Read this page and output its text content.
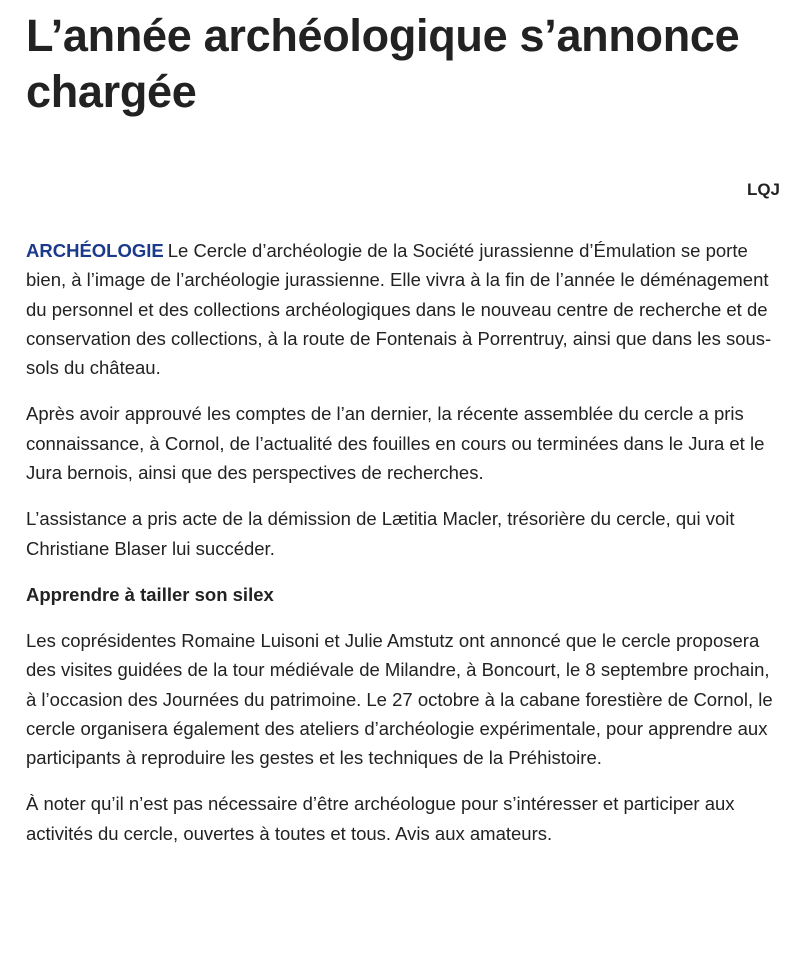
L’année archéologique s’annonce chargée
LQJ

ARCHÉOLOGIE Le Cercle d’archéologie de la Société jurassienne d’Émulation se porte bien, à l’image de l’archéologie jurassienne. Elle vivra à la fin de l’année le déménagement du personnel et des collections archéologiques dans le nouveau centre de recherche et de conservation des collections, à la route de Fontenais à Porrentruy, ainsi que dans les sous-sols du château.

Après avoir approuvé les comptes de l’an dernier, la récente assemblée du cercle a pris connaissance, à Cornol, de l’actualité des fouilles en cours ou terminées dans le Jura et le Jura bernois, ainsi que des perspectives de recherches.

L’assistance a pris acte de la démission de Lætitia Macler, trésorière du cercle, qui voit Christiane Blaser lui succéder.

Apprendre à tailler son silex

Les coprésidentes Romaine Luisoni et Julie Amstutz ont annoncé que le cercle proposera des visites guidées de la tour médiévale de Milandre, à Boncourt, le 8 septembre prochain, à l’occasion des Journées du patrimoine. Le 27 octobre à la cabane forestière de Cornol, le cercle organisera également des ateliers d’archéologie expérimentale, pour apprendre aux participants à reproduire les gestes et les techniques de la Préhistoire.

À noter qu’il n’est pas nécessaire d’être archéologue pour s’intéresser et participer aux activités du cercle, ouvertes à toutes et tous. Avis aux amateurs.
